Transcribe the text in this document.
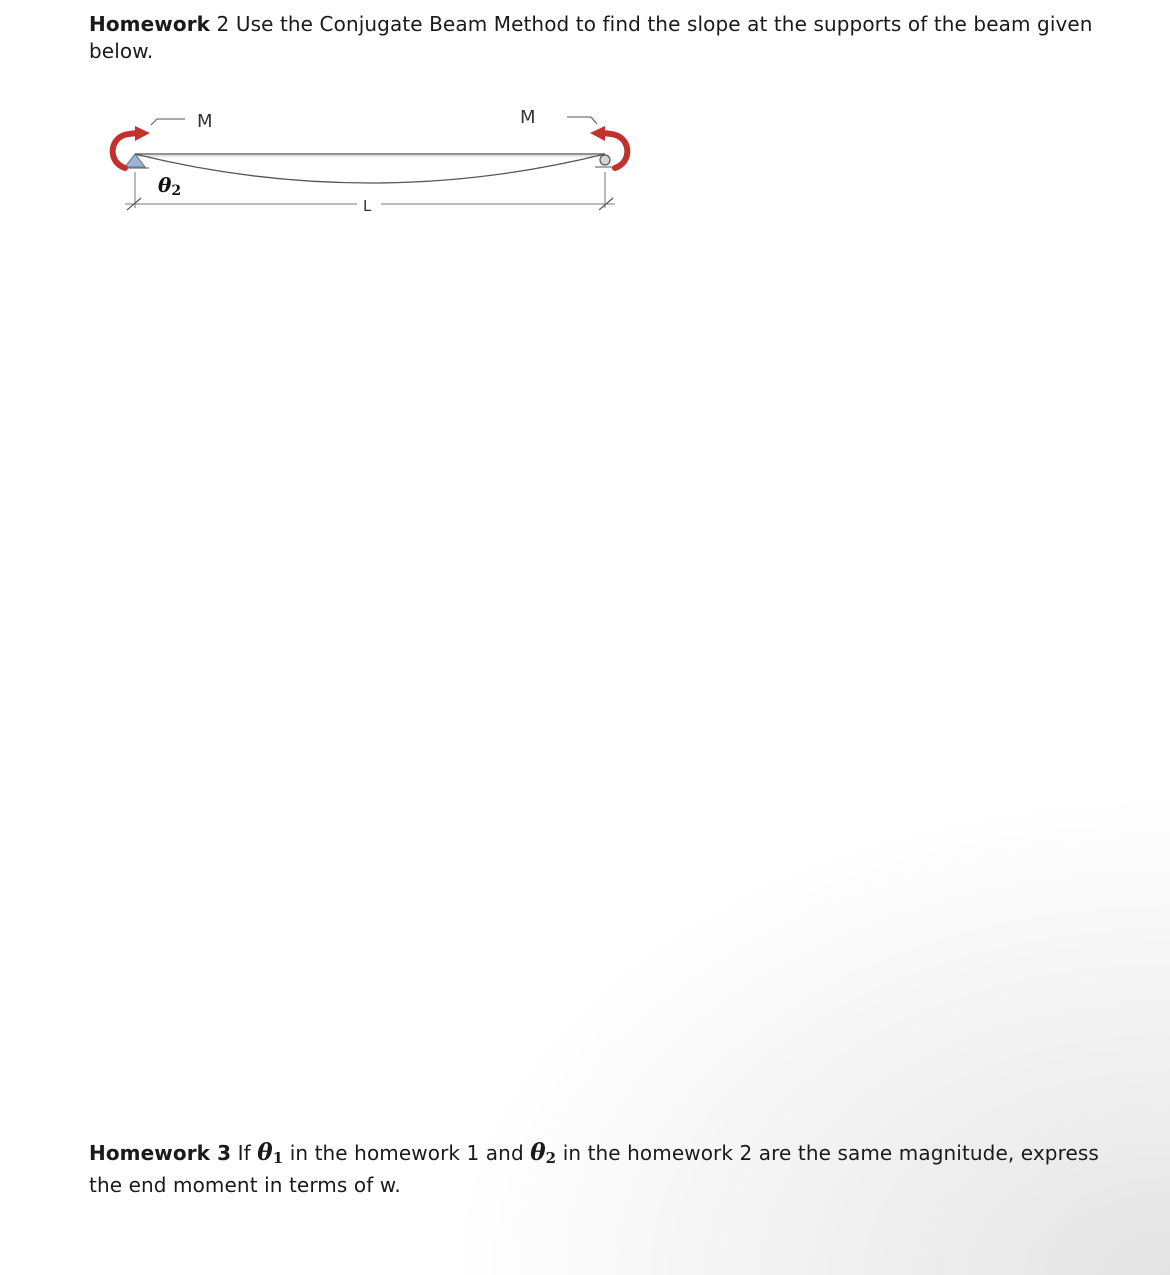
Homework 2 Use the Conjugate Beam Method to find the slope at the supports of the beam given below.
M	M
θ2
L
Homework 3 If $\theta_1$ in the homework 1 and $\theta_2$ in the homework 2 are the same magnitude, express the end moment in terms of w.
